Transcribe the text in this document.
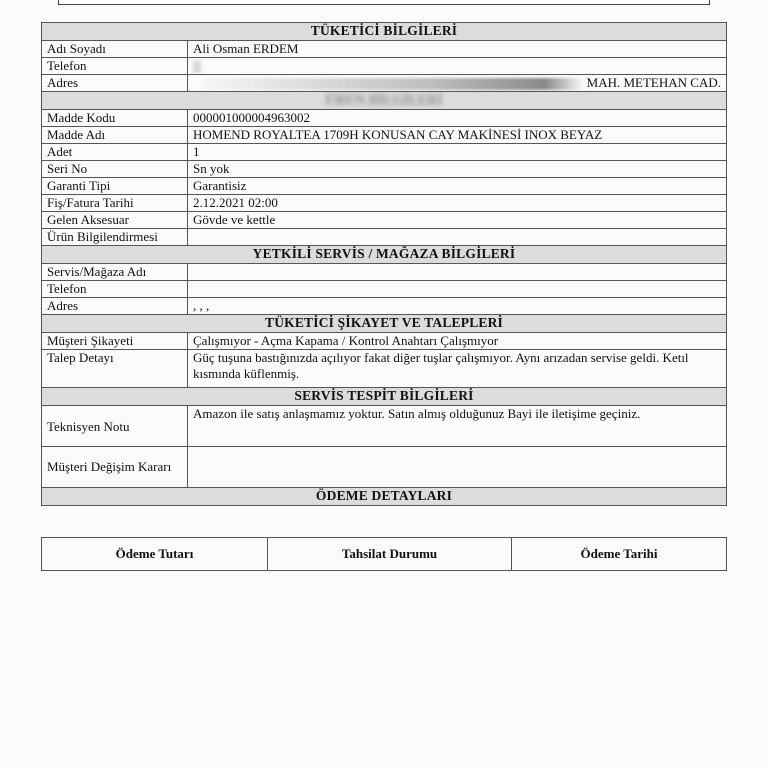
TÜKETİCİ BİLGİLERİ	
Adı Soyadı	Ali Osman ERDEM
Telefon	
Adres	MAH. METEHAN CAD.
ÜRÜN BİLGİLERİ	
Madde Kodu	000001000004963002
Madde Adı	HOMEND ROYALTEA 1709H KONUSAN CAY MAKİNESİ INOX BEYAZ
Adet	1
Seri No	Sn yok
Garanti Tipi	Garantisiz
Fiş/Fatura Tarihi	2.12.2021 02:00
Gelen Aksesuar	Gövde ve kettle
Ürün Bilgilendirmesi	
YETKİLİ SERVİS / MAĞAZA BİLGİLERİ	
Servis/Mağaza Adı	
Telefon	
Adres	, , ,
TÜKETİCİ ŞİKAYET VE TALEPLERİ	
Müşteri Şikayeti	Çalışmıyor - Açma Kapama / Kontrol Anahtarı Çalışmıyor
Talep Detayı	Güç tuşuna bastığınızda açılıyor fakat diğer tuşlar çalışmıyor. Aynı arızadan servise geldi. Ketıl kısmında küflenmiş.
SERVİS TESPİT BİLGİLERİ	
Teknisyen Notu	Amazon ile satış anlaşmamız yoktur. Satın almış olduğunuz Bayi ile iletişime geçiniz.
Müşteri Değişim Kararı	
ÖDEME DETAYLARI	
Ödeme Tutarı	Tahsilat Durumu	Ödeme Tarihi
